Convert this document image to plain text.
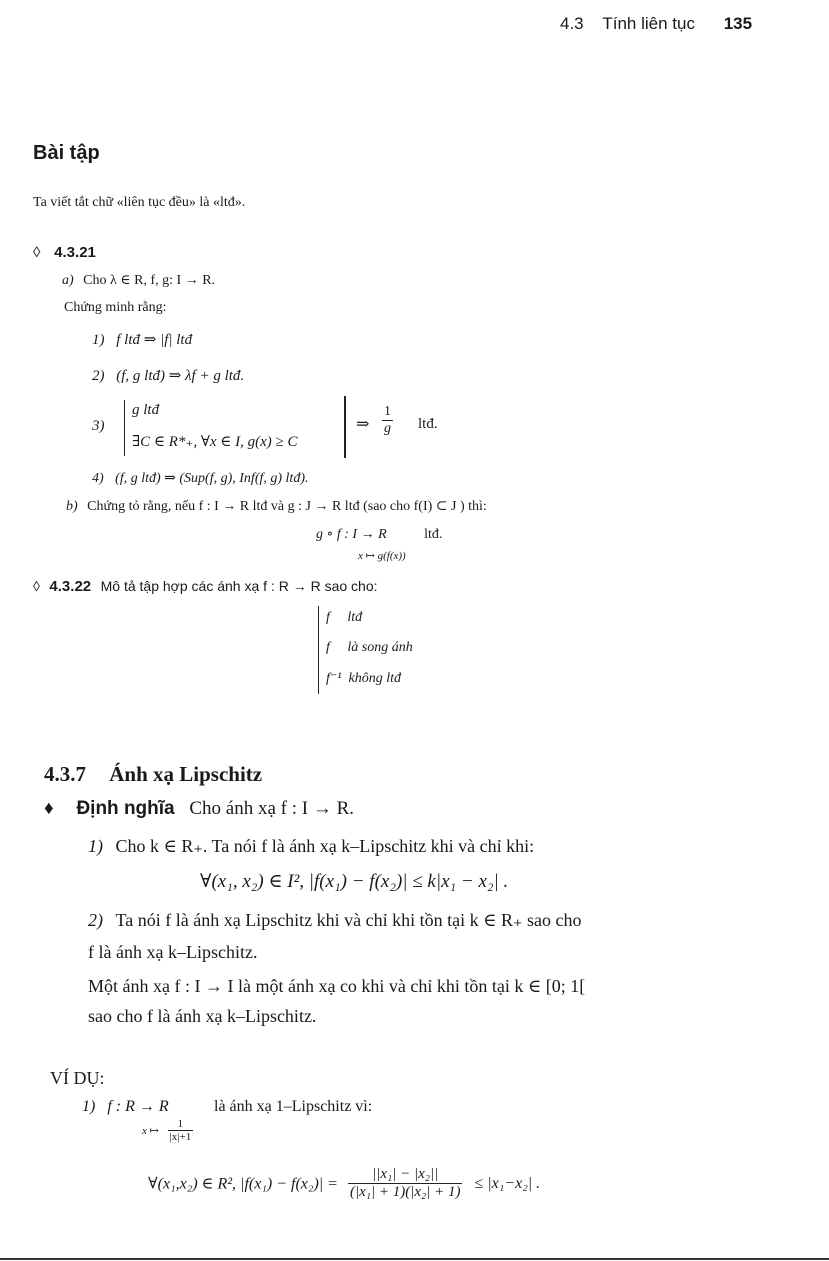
4.3 Tính liên tục 135
Bài tập
Ta viết tắt chữ «liên tục đều» là «ltđ».
◊ 4.3.21
a) Cho λ ∈ R, f, g: I → R.
Chứng minh rằng:
1) f ltđ ⇒ |f| ltđ
2) (f, g ltđ) ⇒ λf + g ltđ.
3)
g ltđ
∃C ∈ R*₊, ∀x ∈ I, g(x) ≥ C
⇒ $\frac{1}{g}$ ltđ.
4) (f, g ltđ) ⇒ (Sup(f, g), Inf(f, g) ltđ).
b) Chứng tỏ rằng, nếu f : I → R ltđ và g : J → R ltđ (sao cho f(I) ⊂ J ) thì:
g ∘ f : I → R	ltđ.
x ↦ g(f(x))
◊ 4.3.22 Mô tả tập hợp các ánh xạ f : R → R sao cho:
f     ltđ
f     là song ánh
f⁻¹  không ltđ
4.3.7 Ánh xạ Lipschitz
♦ Định nghĩa Cho ánh xạ f : I → R.
1) Cho k ∈ R₊. Ta nói f là ánh xạ k–Lipschitz khi và chỉ khi:
∀(x₁, x₂) ∈ I², |f(x₁) − f(x₂)| ≤ k|x₁ − x₂| .
2) Ta nói f là ánh xạ Lipschitz khi và chỉ khi tồn tại k ∈ R₊ sao cho
f là ánh xạ k–Lipschitz.
Một ánh xạ f : I → I là một ánh xạ co khi và chỉ khi tồn tại k ∈ [0; 1[
sao cho f là ánh xạ k–Lipschitz.
VÍ DỤ:
1) f : R → R	là ánh xạ 1–Lipschitz vì:
x ↦ $\frac{1}{|x|+1}$
∀(x₁,x₂) ∈ R², $|f(x_1) - f(x_2)| = \frac{\text{||x₁| − |x₂||}}{\text{(|x₁| + 1)(|x₂| + 1)}} \le |x_1-x_2|$ .
